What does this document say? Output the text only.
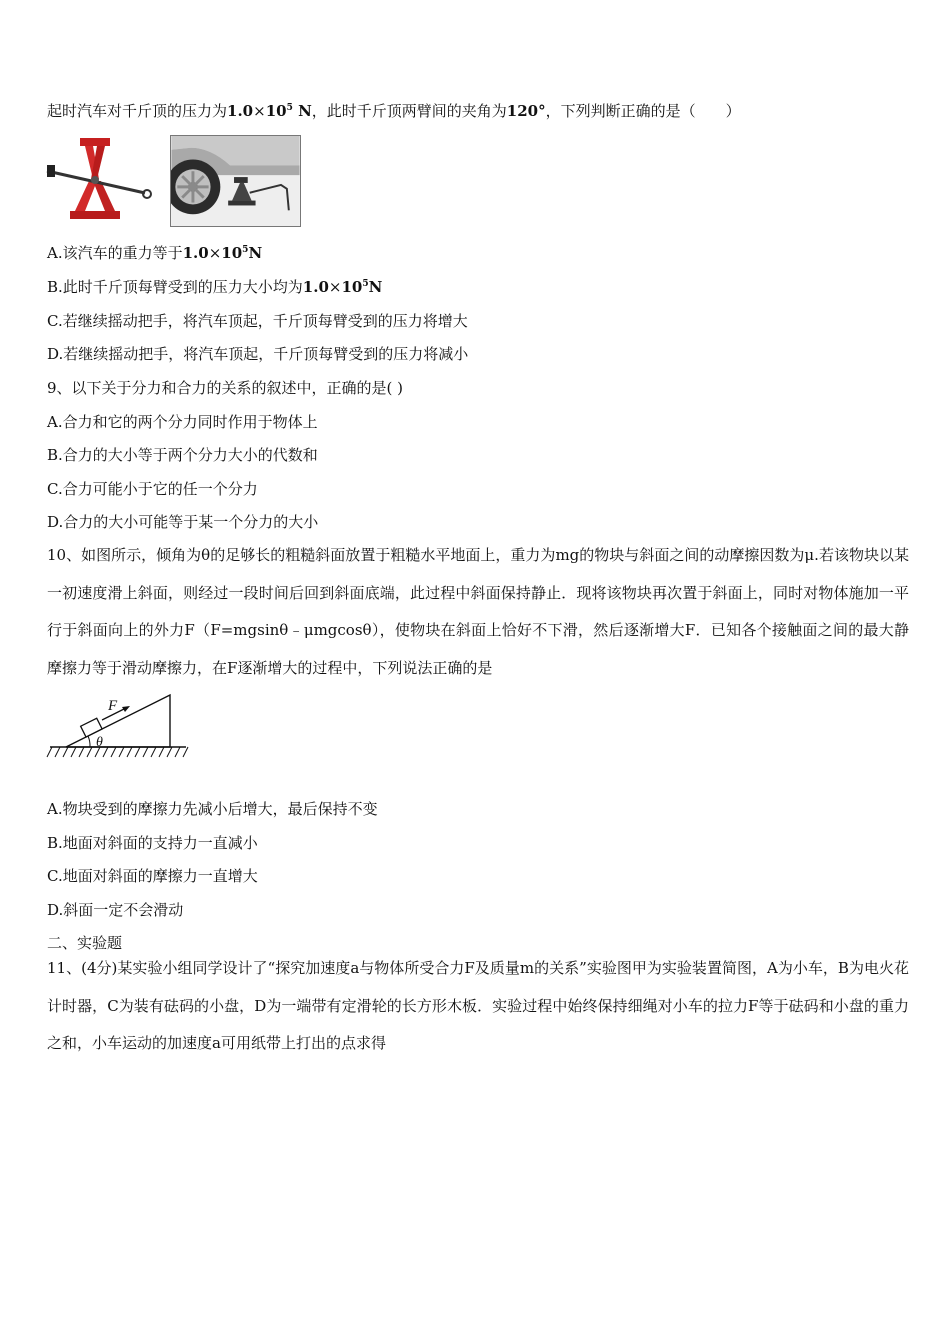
起时汽车对千斤顶的压力为$1.0\times 10^5$ N，此时千斤顶两臂间的夹角为120°，下列判断正确的是（　　）
A.该汽车的重力等于$1.0\times 10^5N$
B.此时千斤顶每臂受到的压力大小均为$1.0\times 10^5N$
C.若继续摇动把手，将汽车顶起，千斤顶每臂受到的压力将增大
D.若继续摇动把手，将汽车顶起，千斤顶每臂受到的压力将减小
9、以下关于分力和合力的关系的叙述中，正确的是( )
A.合力和它的两个分力同时作用于物体上
B.合力的大小等于两个分力大小的代数和
C.合力可能小于它的任一个分力
D.合力的大小可能等于某一个分力的大小
10、如图所示，倾角为θ的足够长的粗糙斜面放置于粗糙水平地面上，重力为mg的物块与斜面之间的动摩擦因数为μ.若该物块以某一初速度滑上斜面，则经过一段时间后回到斜面底端，此过程中斜面保持静止．现将该物块再次置于斜面上，同时对物体施加一平行于斜面向上的外力F（F=mgsinθ﹣μmgcosθ），使物块在斜面上恰好不下滑，然后逐渐增大F．已知各个接触面之间的最大静摩擦力等于滑动摩擦力，在F逐渐增大的过程中，下列说法正确的是
F
θ
A.物块受到的摩擦力先减小后增大，最后保持不变
B.地面对斜面的支持力一直减小
C.地面对斜面的摩擦力一直增大
D.斜面一定不会滑动
二、实验题
11、(4分)某实验小组同学设计了“探究加速度a与物体所受合力F及质量m的关系”实验图甲为实验装置简图，A为小车，B为电火花计时器，C为装有砝码的小盘，D为一端带有定滑轮的长方形木板．实验过程中始终保持细绳对小车的拉力F等于砝码和小盘的重力之和，小车运动的加速度a可用纸带上打出的点求得
